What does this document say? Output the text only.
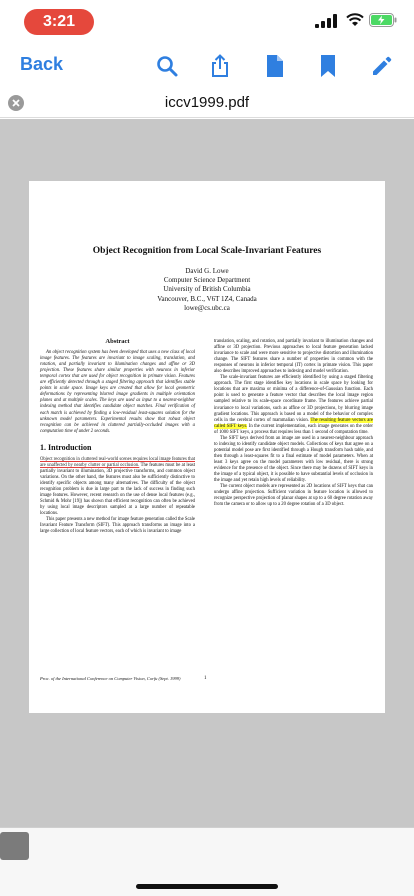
3:21
Back
iccv1999.pdf
Object Recognition from Local Scale-Invariant Features
David G. Lowe
Computer Science Department
University of British Columbia
Vancouver, B.C., V6T 1Z4, Canada
lowe@cs.ubc.ca
Abstract

An object recognition system has been developed that uses a new class of local image features. The features are invariant to image scaling, translation, and rotation, and partially invariant to illumination changes and affine or 3D projection. These features share similar properties with neurons in inferior temporal cortex that are used for object recognition in primate vision. Features are efficiently detected through a staged filtering approach that identifies stable points in scale space. Image keys are created that allow for local geometric deformations by representing blurred image gradients in multiple orientation planes and at multiple scales. The keys are used as input to a nearest-neighbor indexing method that identifies candidate object matches. Final verification of each match is achieved by finding a low-residual least-squares solution for the unknown model parameters. Experimental results show that robust object recognition can be achieved in cluttered partially-occluded images with a computation time of under 2 seconds.

1. Introduction

Object recognition in cluttered real-world scenes requires local image features that are unaffected by nearby clutter or partial occlusion. The features must be at least partially invariant to illumination, 3D projective transforms, and common object variations. On the other hand, the features must also be sufficiently distinctive to identify specific objects among many alternatives. The difficulty of the object recognition problem is due in large part to the lack of success in finding such image features. However, recent research on the use of dense local features (e.g., Schmid & Mohr [19]) has shown that efficient recognition can often be achieved by using local image descriptors sampled at a large number of repeatable locations.

This paper presents a new method for image feature generation called the Scale Invariant Feature Transform (SIFT). This approach transforms an image into a large collection of local feature vectors, each of which is invariant to image

translation, scaling, and rotation, and partially invariant to illumination changes and affine or 3D projection. Previous approaches to local feature generation lacked invariance to scale and were more sensitive to projective distortion and illumination change. The SIFT features share a number of properties in common with the responses of neurons in inferior temporal (IT) cortex in primate vision. This paper also describes improved approaches to indexing and model verification.

The scale-invariant features are efficiently identified by using a staged filtering approach. The first stage identifies key locations in scale space by looking for locations that are maxima or minima of a difference-of-Gaussian function. Each point is used to generate a feature vector that describes the local image region sampled relative to its scale-space coordinate frame. The features achieve partial invariance to local variations, such as affine or 3D projections, by blurring image gradient locations. This approach is based on a model of the behavior of complex cells in the cerebral cortex of mammalian vision. The resulting feature vectors are called SIFT keys. In the current implementation, each image generates on the order of 1000 SIFT keys, a process that requires less than 1 second of computation time.

The SIFT keys derived from an image are used in a nearest-neighbour approach to indexing to identify candidate object models. Collections of keys that agree on a potential model pose are first identified through a Hough transform hash table, and then through a least-squares fit to a final estimate of model parameters. When at least 3 keys agree on the model parameters with low residual, there is strong evidence for the presence of the object. Since there may be dozens of SIFT keys in the image of a typical object, it is possible to have substantial levels of occlusion in the image and yet retain high levels of reliability.

The current object models are represented as 2D locations of SIFT keys that can undergo affine projection. Sufficient variation in feature location is allowed to recognize perspective projection of planar shapes at up to a 60 degree rotation away from the camera or to allow up to a 20 degree rotation of a 3D object.

Proc. of the International Conference on Computer Vision, Corfu (Sept. 1999)	1
